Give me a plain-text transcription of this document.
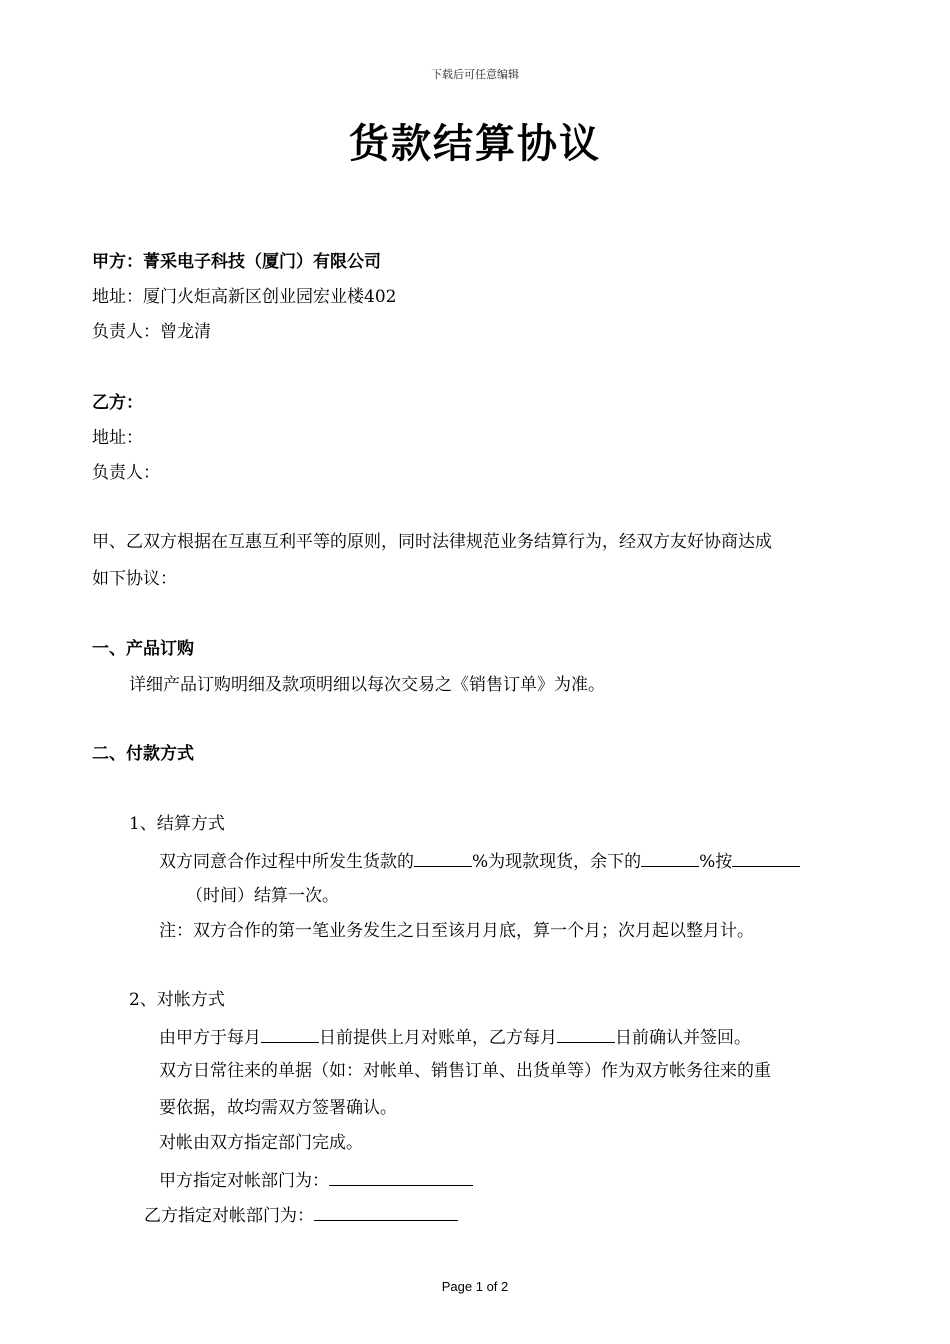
下载后可任意编辑
货款结算协议
甲方：菁采电子科技（厦门）有限公司
地址：厦门火炬高新区创业园宏业楼402
负责人：曾龙清
乙方：
地址：
负责人：
甲、乙双方根据在互惠互利平等的原则，同时法律规范业务结算行为，经双方友好协商达成
如下协议：
一、产品订购
详细产品订购明细及款项明细以每次交易之《销售订单》为准。
二、付款方式
1、结算方式
双方同意合作过程中所发生货款的	%为现款现货，余下的	%按
（时间）结算一次。
注：双方合作的第一笔业务发生之日至该月月底，算一个月；次月起以整月计。
2、对帐方式
由甲方于每月	日前提供上月对账单，乙方每月	日前确认并签回。
双方日常往来的单据（如：对帐单、销售订单、出货单等）作为双方帐务往来的重
要依据，故均需双方签署确认。
对帐由双方指定部门完成。
甲方指定对帐部门为：
乙方指定对帐部门为：
Page 1 of 2
